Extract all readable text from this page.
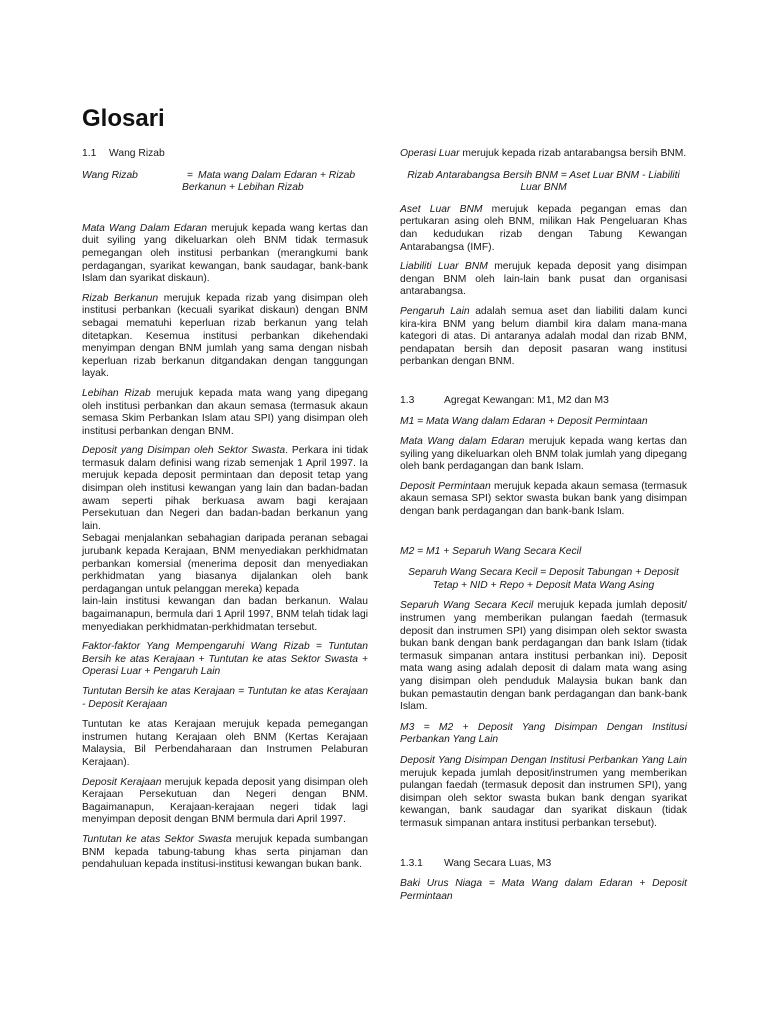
Glosari
1.1	Wang Rizab
Wang Rizab	= Mata wang Dalam Edaran + Rizab Berkanun + Lebihan Rizab

Mata Wang Dalam Edaran merujuk kepada wang kertas dan duit syiling yang dikeluarkan oleh BNM tidak termasuk pemegangan oleh institusi perbankan (merangkumi bank perdagangan, syarikat kewangan, bank saudagar, bank-bank Islam dan syarikat diskaun).

Rizab Berkanun merujuk kepada rizab yang disimpan oleh institusi perbankan (kecuali syarikat diskaun) dengan BNM sebagai mematuhi keperluan rizab berkanun yang telah ditetapkan. Kesemua institusi perbankan dikehendaki menyimpan dengan BNM jumlah yang sama dengan nisbah keperluan rizab berkanun ditgandakan dengan tanggungan layak.

Lebihan Rizab merujuk kepada mata wang yang dipegang oleh institusi perbankan dan akaun semasa (termasuk akaun semasa Skim Perbankan Islam atau SPI) yang disimpan oleh institusi perbankan dengan BNM.

Deposit yang Disimpan oleh Sektor Swasta. Perkara ini tidak termasuk dalam definisi wang rizab semenjak 1 April 1997. Ia merujuk kepada deposit permintaan dan deposit tetap yang disimpan oleh institusi kewangan yang lain dan badan-badan awam seperti pihak berkuasa awam bagi kerajaan Persekutuan dan Negeri dan badan-badan berkanun yang lain.

Sebagai menjalankan sebahagian daripada peranan sebagai jurubank kepada Kerajaan, BNM menyediakan perkhidmatan perbankan komersial (menerima deposit dan menyediakan perkhidmatan yang biasanya dijalankan oleh bank perdagangan untuk pelanggan mereka) kepada

lain-lain institusi kewangan dan badan berkanun. Walau bagaimanapun, bermula dari 1 April 1997, BNM telah tidak lagi menyediakan perkhidmatan-perkhidmatan tersebut.

Faktor-faktor Yang Mempengaruhi Wang Rizab = Tuntutan Bersih ke atas Kerajaan + Tuntutan ke atas Sektor Swasta + Operasi Luar + Pengaruh Lain

Tuntutan Bersih ke atas Kerajaan = Tuntutan ke atas Kerajaan - Deposit Kerajaan

Tuntutan ke atas Kerajaan merujuk kepada pemegangan instrumen hutang Kerajaan oleh BNM (Kertas Kerajaan Malaysia, Bil Perbendaharaan dan Instrumen Pelaburan Kerajaan).

Deposit Kerajaan merujuk kepada deposit yang disimpan oleh Kerajaan Persekutuan dan Negeri dengan BNM. Bagaimanapun, Kerajaan-kerajaan negeri tidak lagi menyimpan deposit dengan BNM bermula dari April 1997.

Tuntutan ke atas Sektor Swasta merujuk kepada sumbangan BNM kepada tabung-tabung khas serta pinjaman dan pendahuluan kepada institusi-institusi kewangan bukan bank.

Operasi Luar merujuk kepada rizab antarabangsa bersih BNM.

Rizab Antarabangsa Bersih BNM = Aset Luar BNM - Liabiliti Luar BNM

Aset Luar BNM merujuk kepada pegangan emas dan pertukaran asing oleh BNM, milikan Hak Pengeluaran Khas dan kedudukan rizab dengan Tabung Kewangan Antarabangsa (IMF).

Liabiliti Luar BNM merujuk kepada deposit yang disimpan dengan BNM oleh lain-lain bank pusat dan organisasi antarabangsa.

Pengaruh Lain adalah semua aset dan liabiliti dalam kunci kira-kira BNM yang belum diambil kira dalam mana-mana kategori di atas. Di antaranya adalah modal dan rizab BNM, pendapatan bersih dan deposit pasaran wang institusi perbankan dengan BNM.

1.3	Agregat Kewangan: M1, M2 dan M3

M1 = Mata Wang dalam Edaran + Deposit Permintaan

Mata Wang dalam Edaran merujuk kepada wang kertas dan syiling yang dikeluarkan oleh BNM tolak jumlah yang dipegang oleh bank perdagangan dan bank Islam.

Deposit Permintaan merujuk kepada akaun semasa (termasuk akaun semasa SPI) sektor swasta bukan bank yang disimpan dengan bank perdagangan dan bank-bank Islam.

M2 = M1 + Separuh Wang Secara Kecil

Separuh Wang Secara Kecil = Deposit Tabungan + Deposit Tetap + NID + Repo + Deposit Mata Wang Asing

Separuh Wang Secara Kecil merujuk kepada jumlah deposit/ instrumen yang memberikan pulangan faedah (termasuk deposit dan instrumen SPI) yang disimpan oleh sektor swasta bukan bank dengan bank perdagangan dan bank Islam (tidak termasuk simpanan antara institusi perbankan ini). Deposit mata wang asing adalah deposit di dalam mata wang asing yang disimpan oleh penduduk Malaysia bukan bank dan bukan pemastautin dengan bank perdagangan dan bank-bank Islam.

M3 = M2 + Deposit Yang Disimpan Dengan Institusi Perbankan Yang Lain

Deposit Yang Disimpan Dengan Institusi Perbankan Yang Lain merujuk kepada jumlah deposit/instrumen yang memberikan pulangan faedah (termasuk deposit dan instrumen SPI), yang disimpan oleh sektor swasta bukan bank dengan syarikat kewangan, bank saudagar dan syarikat diskaun (tidak termasuk simpanan antara institusi perbankan tersebut).

1.3.1	Wang Secara Luas, M3

Baki Urus Niaga = Mata Wang dalam Edaran + Deposit Permintaan
